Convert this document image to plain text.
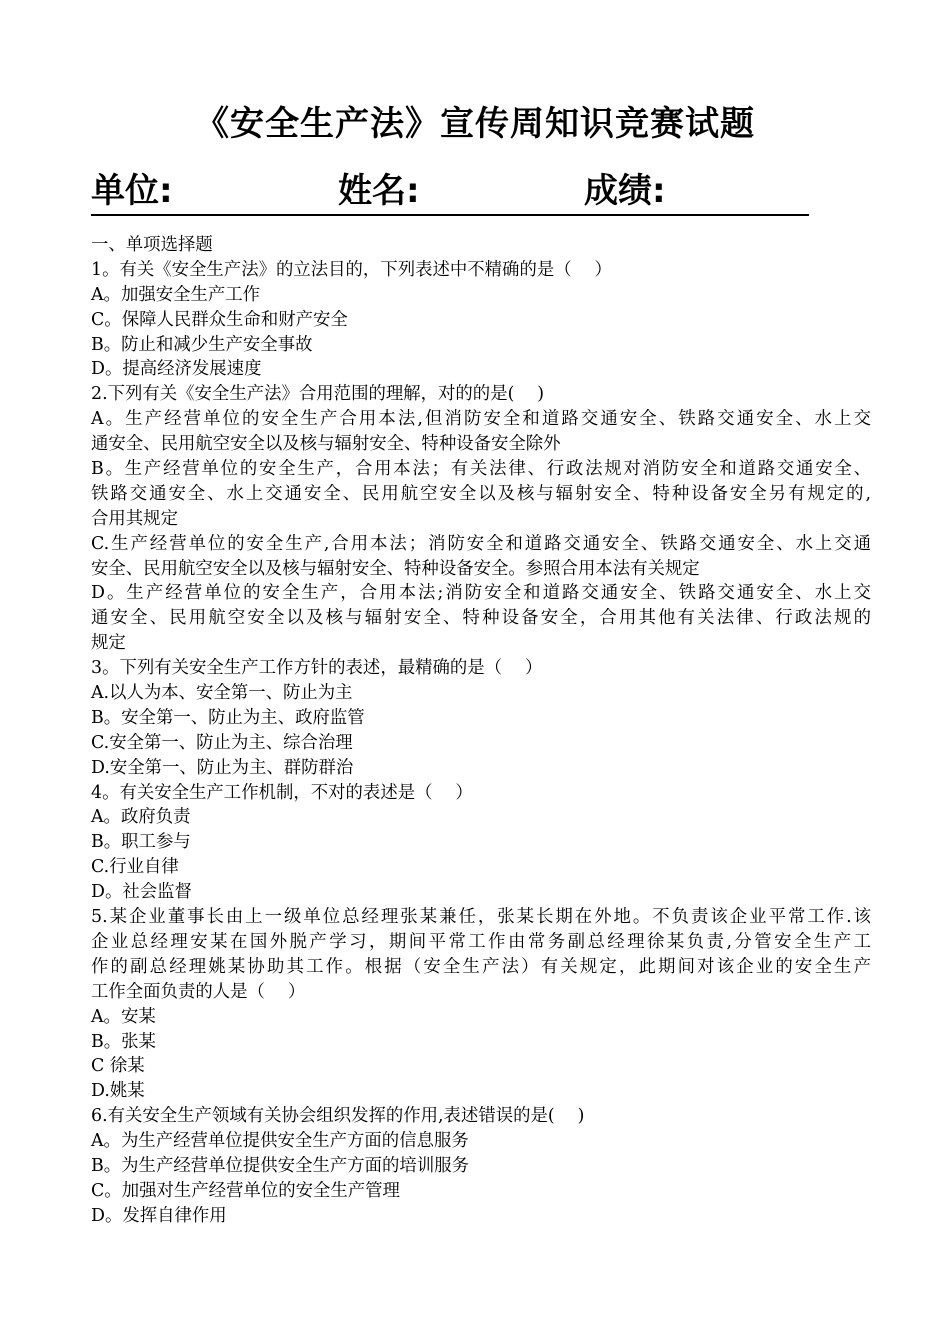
《安全生产法》宣传周知识竞赛试题
单位:	姓名:	成绩:
一、单项选择题
1。有关《安全生产法》的立法目的，下列表述中不精确的是（　 ）
A。加强安全生产工作
C。保障人民群众生命和财产安全
B。防止和减少生产安全事故
D。提高经济发展速度
2.下列有关《安全生产法》合用范围的理解，对的的是(　 )
A。生产经营单位的安全生产合用本法,但消防安全和道路交通安全、铁路交通安全、水上交
通安全、民用航空安全以及核与辐射安全、特种设备安全除外
B。生产经营单位的安全生产，合用本法；有关法律、行政法规对消防安全和道路交通安全、
铁路交通安全、水上交通安全、民用航空安全以及核与辐射安全、特种设备安全另有规定的,
合用其规定
C.生产经营单位的安全生产,合用本法；消防安全和道路交通安全、铁路交通安全、水上交通
安全、民用航空安全以及核与辐射安全、特种设备安全。参照合用本法有关规定
D。生产经营单位的安全生产，合用本法;消防安全和道路交通安全、铁路交通安全、水上交
通安全、民用航空安全以及核与辐射安全、特种设备安全，合用其他有关法律、行政法规的
规定
3。下列有关安全生产工作方针的表述，最精确的是（　 ）
A.以人为本、安全第一、防止为主
B。安全第一、防止为主、政府监管
C.安全第一、防止为主、综合治理
D.安全第一、防止为主、群防群治
4。有关安全生产工作机制，不对的表述是（　 ）
A。政府负责
B。职工参与
C.行业自律
D。社会监督
5.某企业董事长由上一级单位总经理张某兼任，张某长期在外地。不负责该企业平常工作.该
企业总经理安某在国外脱产学习，期间平常工作由常务副总经理徐某负责,分管安全生产工
作的副总经理姚某协助其工作。根据（安全生产法）有关规定，此期间对该企业的安全生产
工作全面负责的人是（　 ）
A。安某
B。张某
C 徐某
D.姚某
6.有关安全生产领域有关协会组织发挥的作用,表述错误的是(　 )
A。为生产经营单位提供安全生产方面的信息服务
B。为生产经营单位提供安全生产方面的培训服务
C。加强对生产经营单位的安全生产管理
D。发挥自律作用
